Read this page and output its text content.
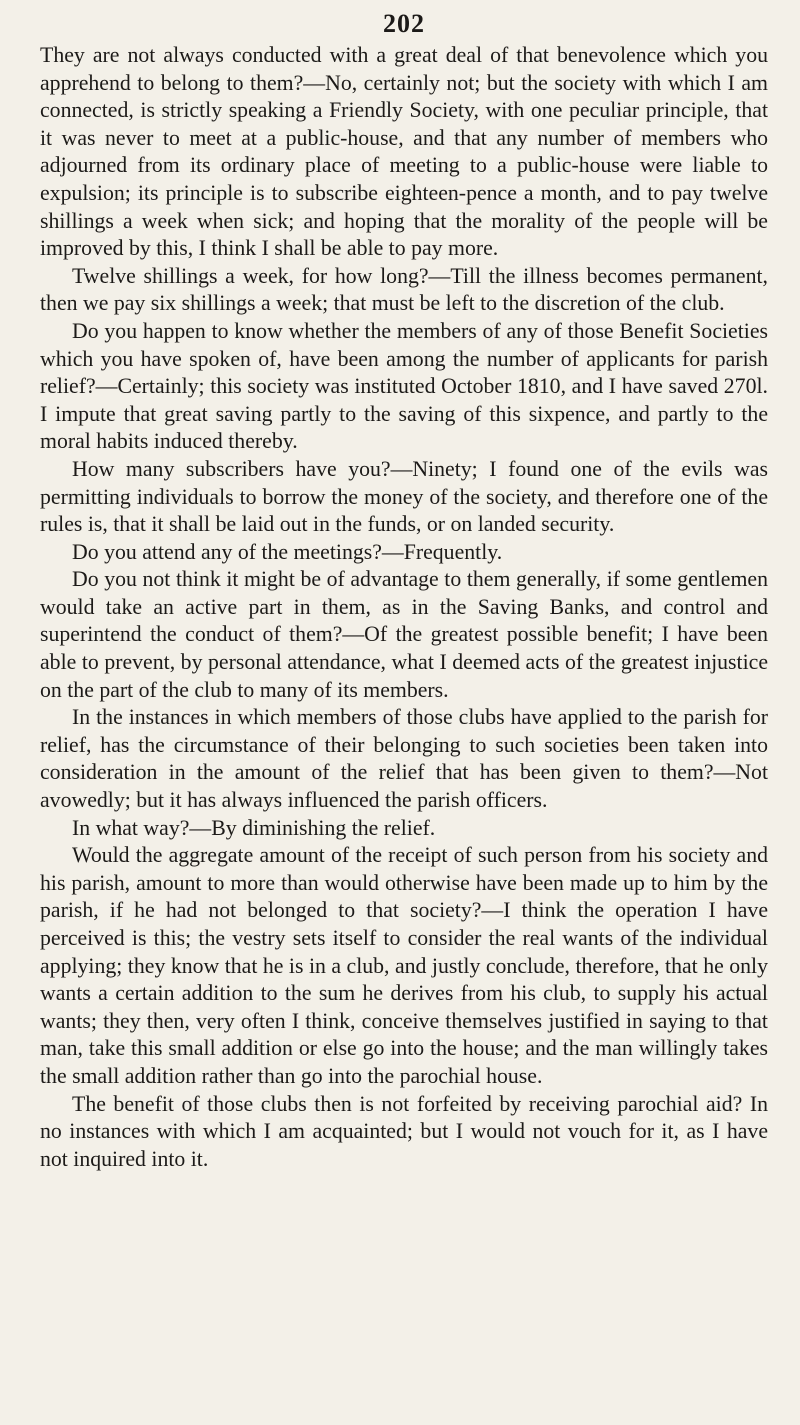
202

They are not always conducted with a great deal of that benevolence which you apprehend to belong to them?—No, certainly not; but the society with which I am connected, is strictly speaking a Friendly Society, with one peculiar principle, that it was never to meet at a public-house, and that any number of members who adjourned from its ordinary place of meeting to a public-house were liable to expulsion; its principle is to subscribe eighteen-pence a month, and to pay twelve shillings a week when sick; and hoping that the morality of the people will be improved by this, I think I shall be able to pay more.

Twelve shillings a week, for how long?—Till the illness becomes permanent, then we pay six shillings a week; that must be left to the discretion of the club.

Do you happen to know whether the members of any of those Benefit Societies which you have spoken of, have been among the number of applicants for parish relief?—Certainly; this society was instituted October 1810, and I have saved 270l. I impute that great saving partly to the saving of this sixpence, and partly to the moral habits induced thereby.

How many subscribers have you?—Ninety; I found one of the evils was permitting individuals to borrow the money of the society, and therefore one of the rules is, that it shall be laid out in the funds, or on landed security.

Do you attend any of the meetings?—Frequently.

Do you not think it might be of advantage to them generally, if some gentlemen would take an active part in them, as in the Saving Banks, and control and superintend the conduct of them?—Of the greatest possible benefit; I have been able to prevent, by personal attendance, what I deemed acts of the greatest injustice on the part of the club to many of its members.

In the instances in which members of those clubs have applied to the parish for relief, has the circumstance of their belonging to such societies been taken into consideration in the amount of the relief that has been given to them?—Not avowedly; but it has always influenced the parish officers.

In what way?—By diminishing the relief.

Would the aggregate amount of the receipt of such person from his society and his parish, amount to more than would otherwise have been made up to him by the parish, if he had not belonged to that society?—I think the operation I have perceived is this; the vestry sets itself to consider the real wants of the individual applying; they know that he is in a club, and justly conclude, therefore, that he only wants a certain addition to the sum he derives from his club, to supply his actual wants; they then, very often I think, conceive themselves justified in saying to that man, take this small addition or else go into the house; and the man willingly takes the small addition rather than go into the parochial house.

The benefit of those clubs then is not forfeited by receiving parochial aid? In no instances with which I am acquainted; but I would not vouch for it, as I have not inquired into it.
